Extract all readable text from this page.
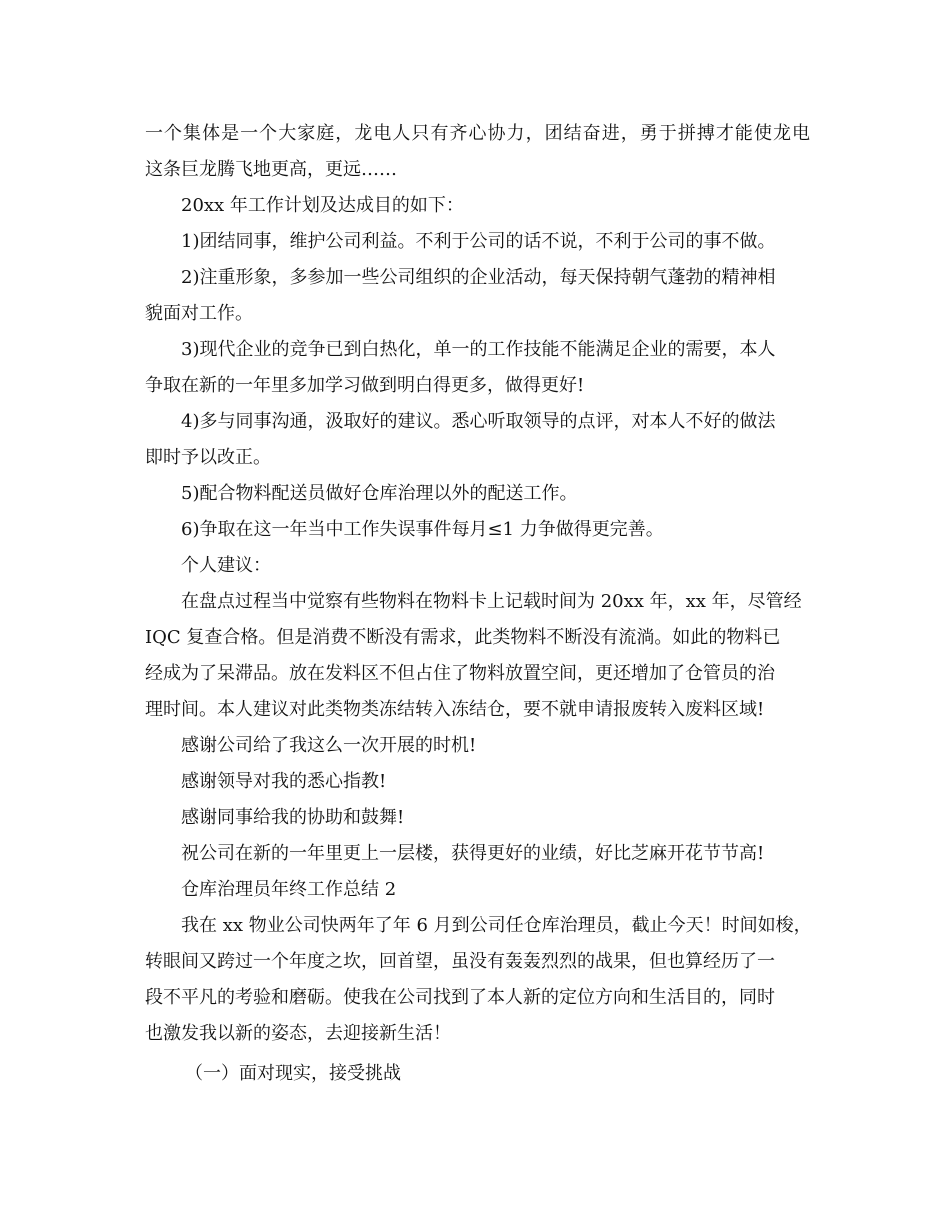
一个集体是一个大家庭，龙电人只有齐心协力，团结奋进，勇于拼搏才能使龙电
这条巨龙腾飞地更高，更远……
20xx 年工作计划及达成目的如下：
1)团结同事，维护公司利益。不利于公司的话不说，不利于公司的事不做。
2)注重形象，多参加一些公司组织的企业活动，每天保持朝气蓬勃的精神相
貌面对工作。
3)现代企业的竞争已到白热化，单一的工作技能不能满足企业的需要，本人
争取在新的一年里多加学习做到明白得更多，做得更好!
4)多与同事沟通，汲取好的建议。悉心听取领导的点评，对本人不好的做法
即时予以改正。
5)配合物料配送员做好仓库治理以外的配送工作。
6)争取在这一年当中工作失误事件每月≤1 力争做得更完善。
个人建议：
在盘点过程当中觉察有些物料在物料卡上记载时间为 20xx 年，xx 年，尽管经
IQC 复查合格。但是消费不断没有需求，此类物料不断没有流淌。如此的物料已
经成为了呆滞品。放在发料区不但占住了物料放置空间，更还增加了仓管员的治
理时间。本人建议对此类物类冻结转入冻结仓，要不就申请报废转入废料区域!
感谢公司给了我这么一次开展的时机!
感谢领导对我的悉心指教!
感谢同事给我的协助和鼓舞!
祝公司在新的一年里更上一层楼，获得更好的业绩，好比芝麻开花节节高!
仓库治理员年终工作总结 2
我在 xx 物业公司快两年了年 6 月到公司任仓库治理员，截止今天！时间如梭，
转眼间又跨过一个年度之坎，回首望，虽没有轰轰烈烈的战果，但也算经历了一
段不平凡的考验和磨砺。使我在公司找到了本人新的定位方向和生活目的，同时
也激发我以新的姿态，去迎接新生活！
（一）面对现实，接受挑战
